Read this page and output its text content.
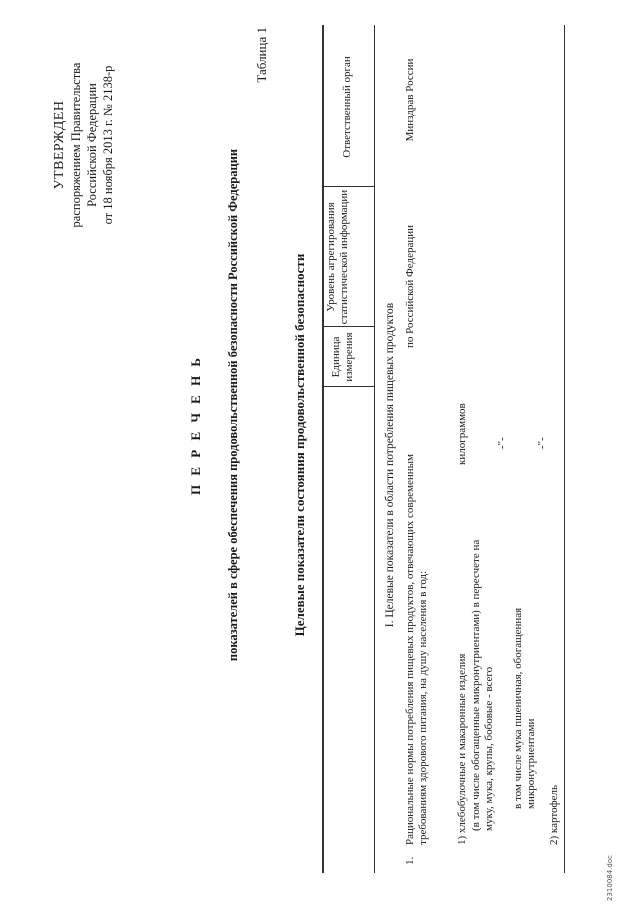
УТВЕРЖДЕН распоряжением Правительства Российской Федерации от 18 ноября 2013 г. № 2138-р
П Е Р Е Ч Е Н Ь показателей в сфере обеспечения продовольственной безопасности Российской Федерации
Таблица 1
Целевые показатели состояния продовольственной безопасности Единица измерения
Уровень агрегирования статистической информации
Ответственный орган
I. Целевые показатели в области потребления пищевых продуктов
1.
Рациональные нормы потребления пищевых продуктов, отвечающих современным требованиям здорового питания, на душу населения в год:
килограммов
по Российской Федерации
Минздрав России
1) хлебобулочные и макаронные изделия (в том числе обогащенные микронутриентами) в пересчете на муку, мука, крупы, бобовые - всего
-"-
в том числе мука пшеничная, обогащенная микронутриентами
-"-
2) картофель
2310084.doc
